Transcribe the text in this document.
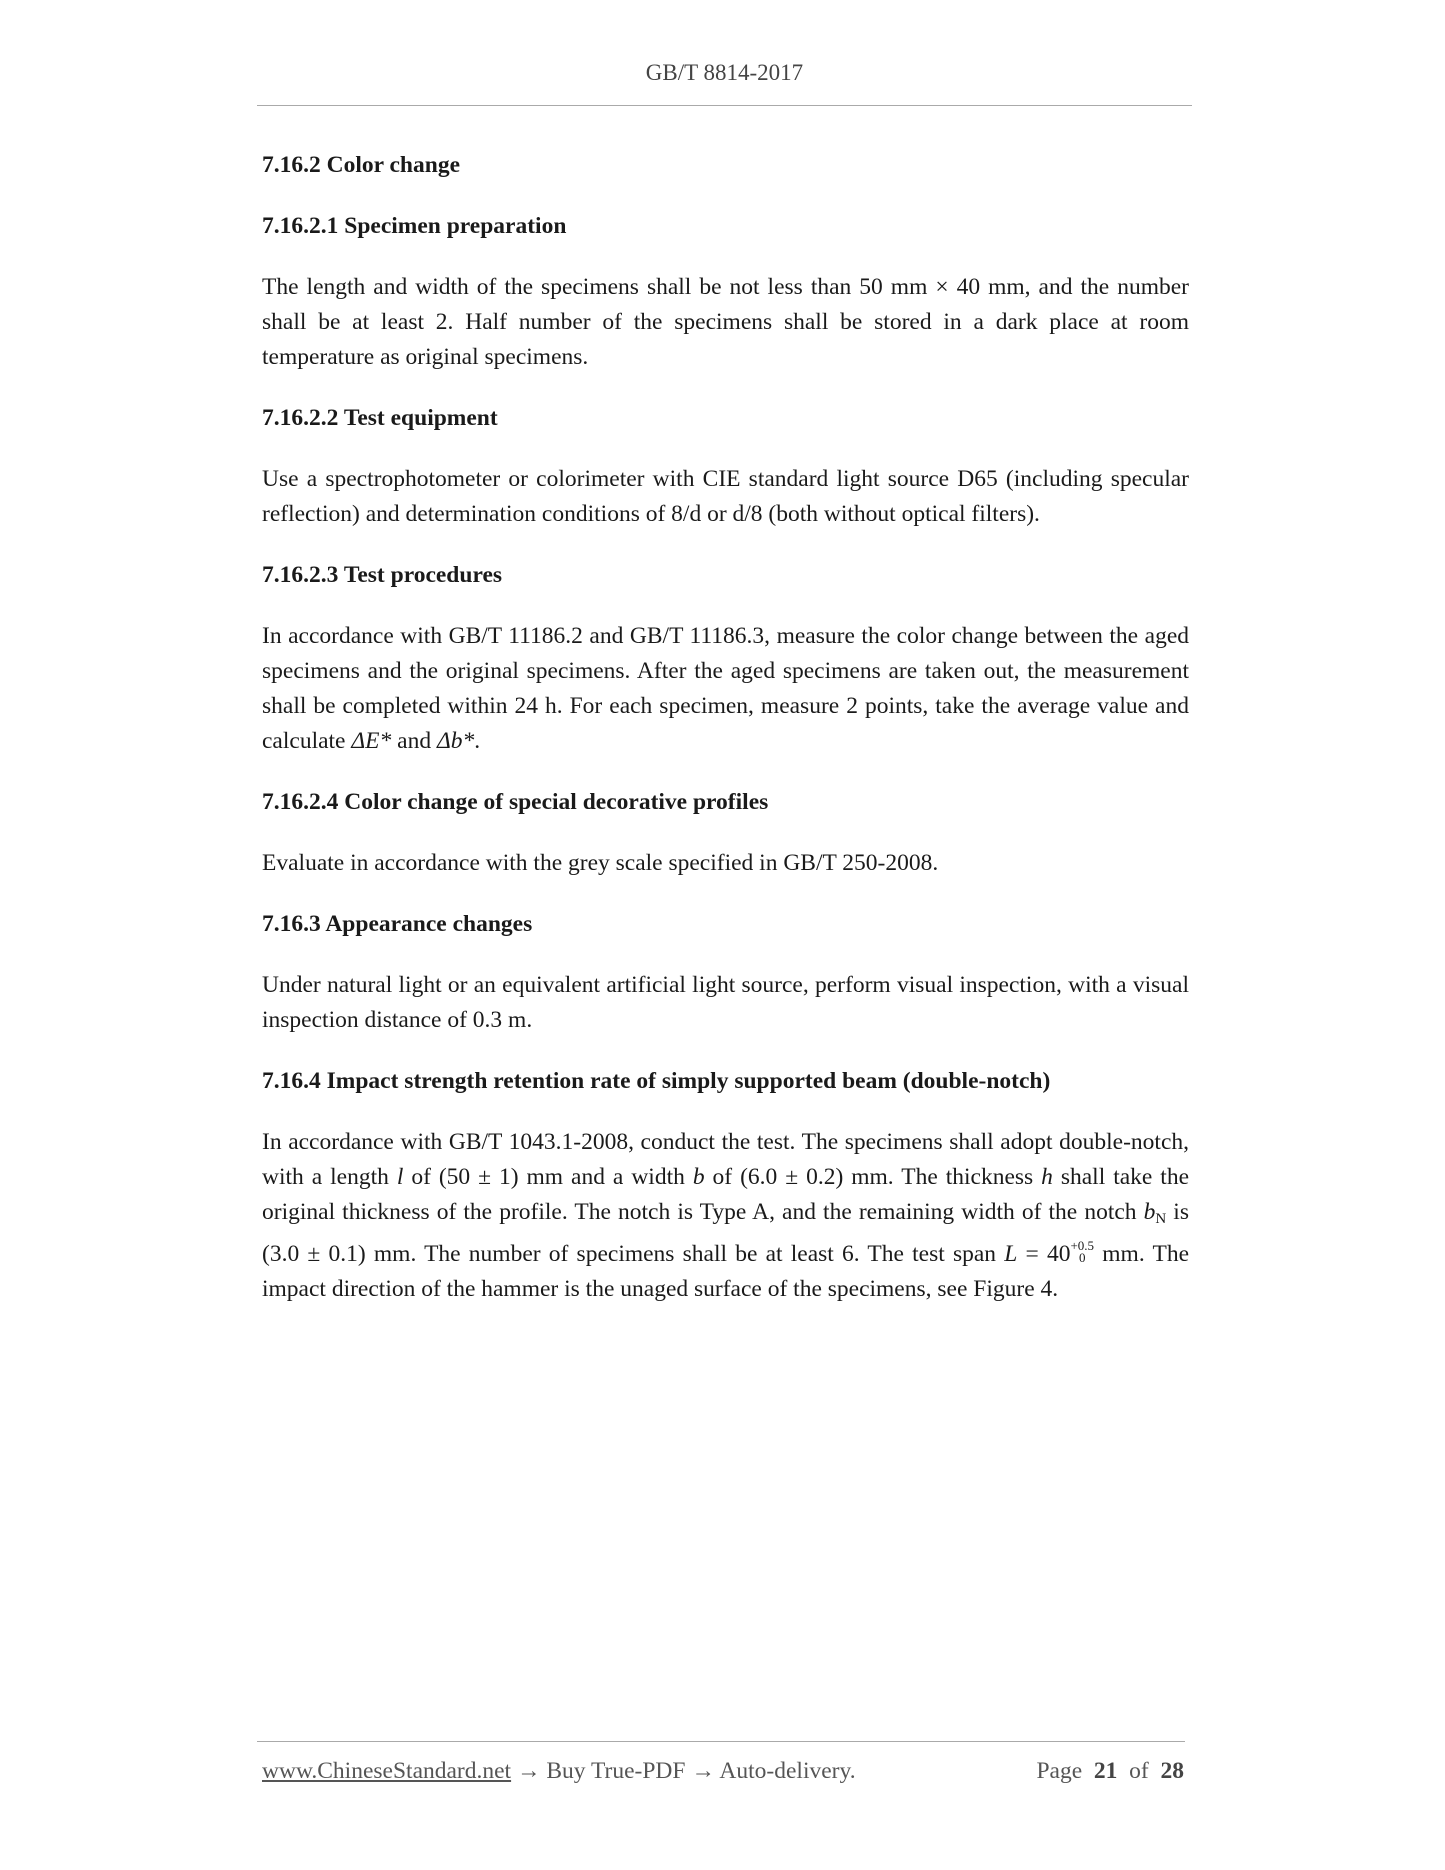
GB/T 8814-2017
7.16.2 Color change
7.16.2.1 Specimen preparation
The length and width of the specimens shall be not less than 50 mm × 40 mm, and the number shall be at least 2. Half number of the specimens shall be stored in a dark place at room temperature as original specimens.
7.16.2.2 Test equipment
Use a spectrophotometer or colorimeter with CIE standard light source D65 (including specular reflection) and determination conditions of 8/d or d/8 (both without optical filters).
7.16.2.3 Test procedures
In accordance with GB/T 11186.2 and GB/T 11186.3, measure the color change between the aged specimens and the original specimens. After the aged specimens are taken out, the measurement shall be completed within 24 h. For each specimen, measure 2 points, take the average value and calculate ΔE* and Δb*.
7.16.2.4 Color change of special decorative profiles
Evaluate in accordance with the grey scale specified in GB/T 250-2008.
7.16.3 Appearance changes
Under natural light or an equivalent artificial light source, perform visual inspection, with a visual inspection distance of 0.3 m.
7.16.4 Impact strength retention rate of simply supported beam (double-notch)
In accordance with GB/T 1043.1-2008, conduct the test. The specimens shall adopt double-notch, with a length l of (50 ± 1) mm and a width b of (6.0 ± 0.2) mm. The thickness h shall take the original thickness of the profile. The notch is Type A, and the remaining width of the notch $b_N$ is (3.0 ± 0.1) mm. The number of specimens shall be at least 6. The test span L = 40 +0.5
0 mm. The impact direction of the hammer is the unaged surface of the specimens, see Figure 4.
www.ChineseStandard.net → Buy True-PDF → Auto-delivery.	Page 21 of 28
